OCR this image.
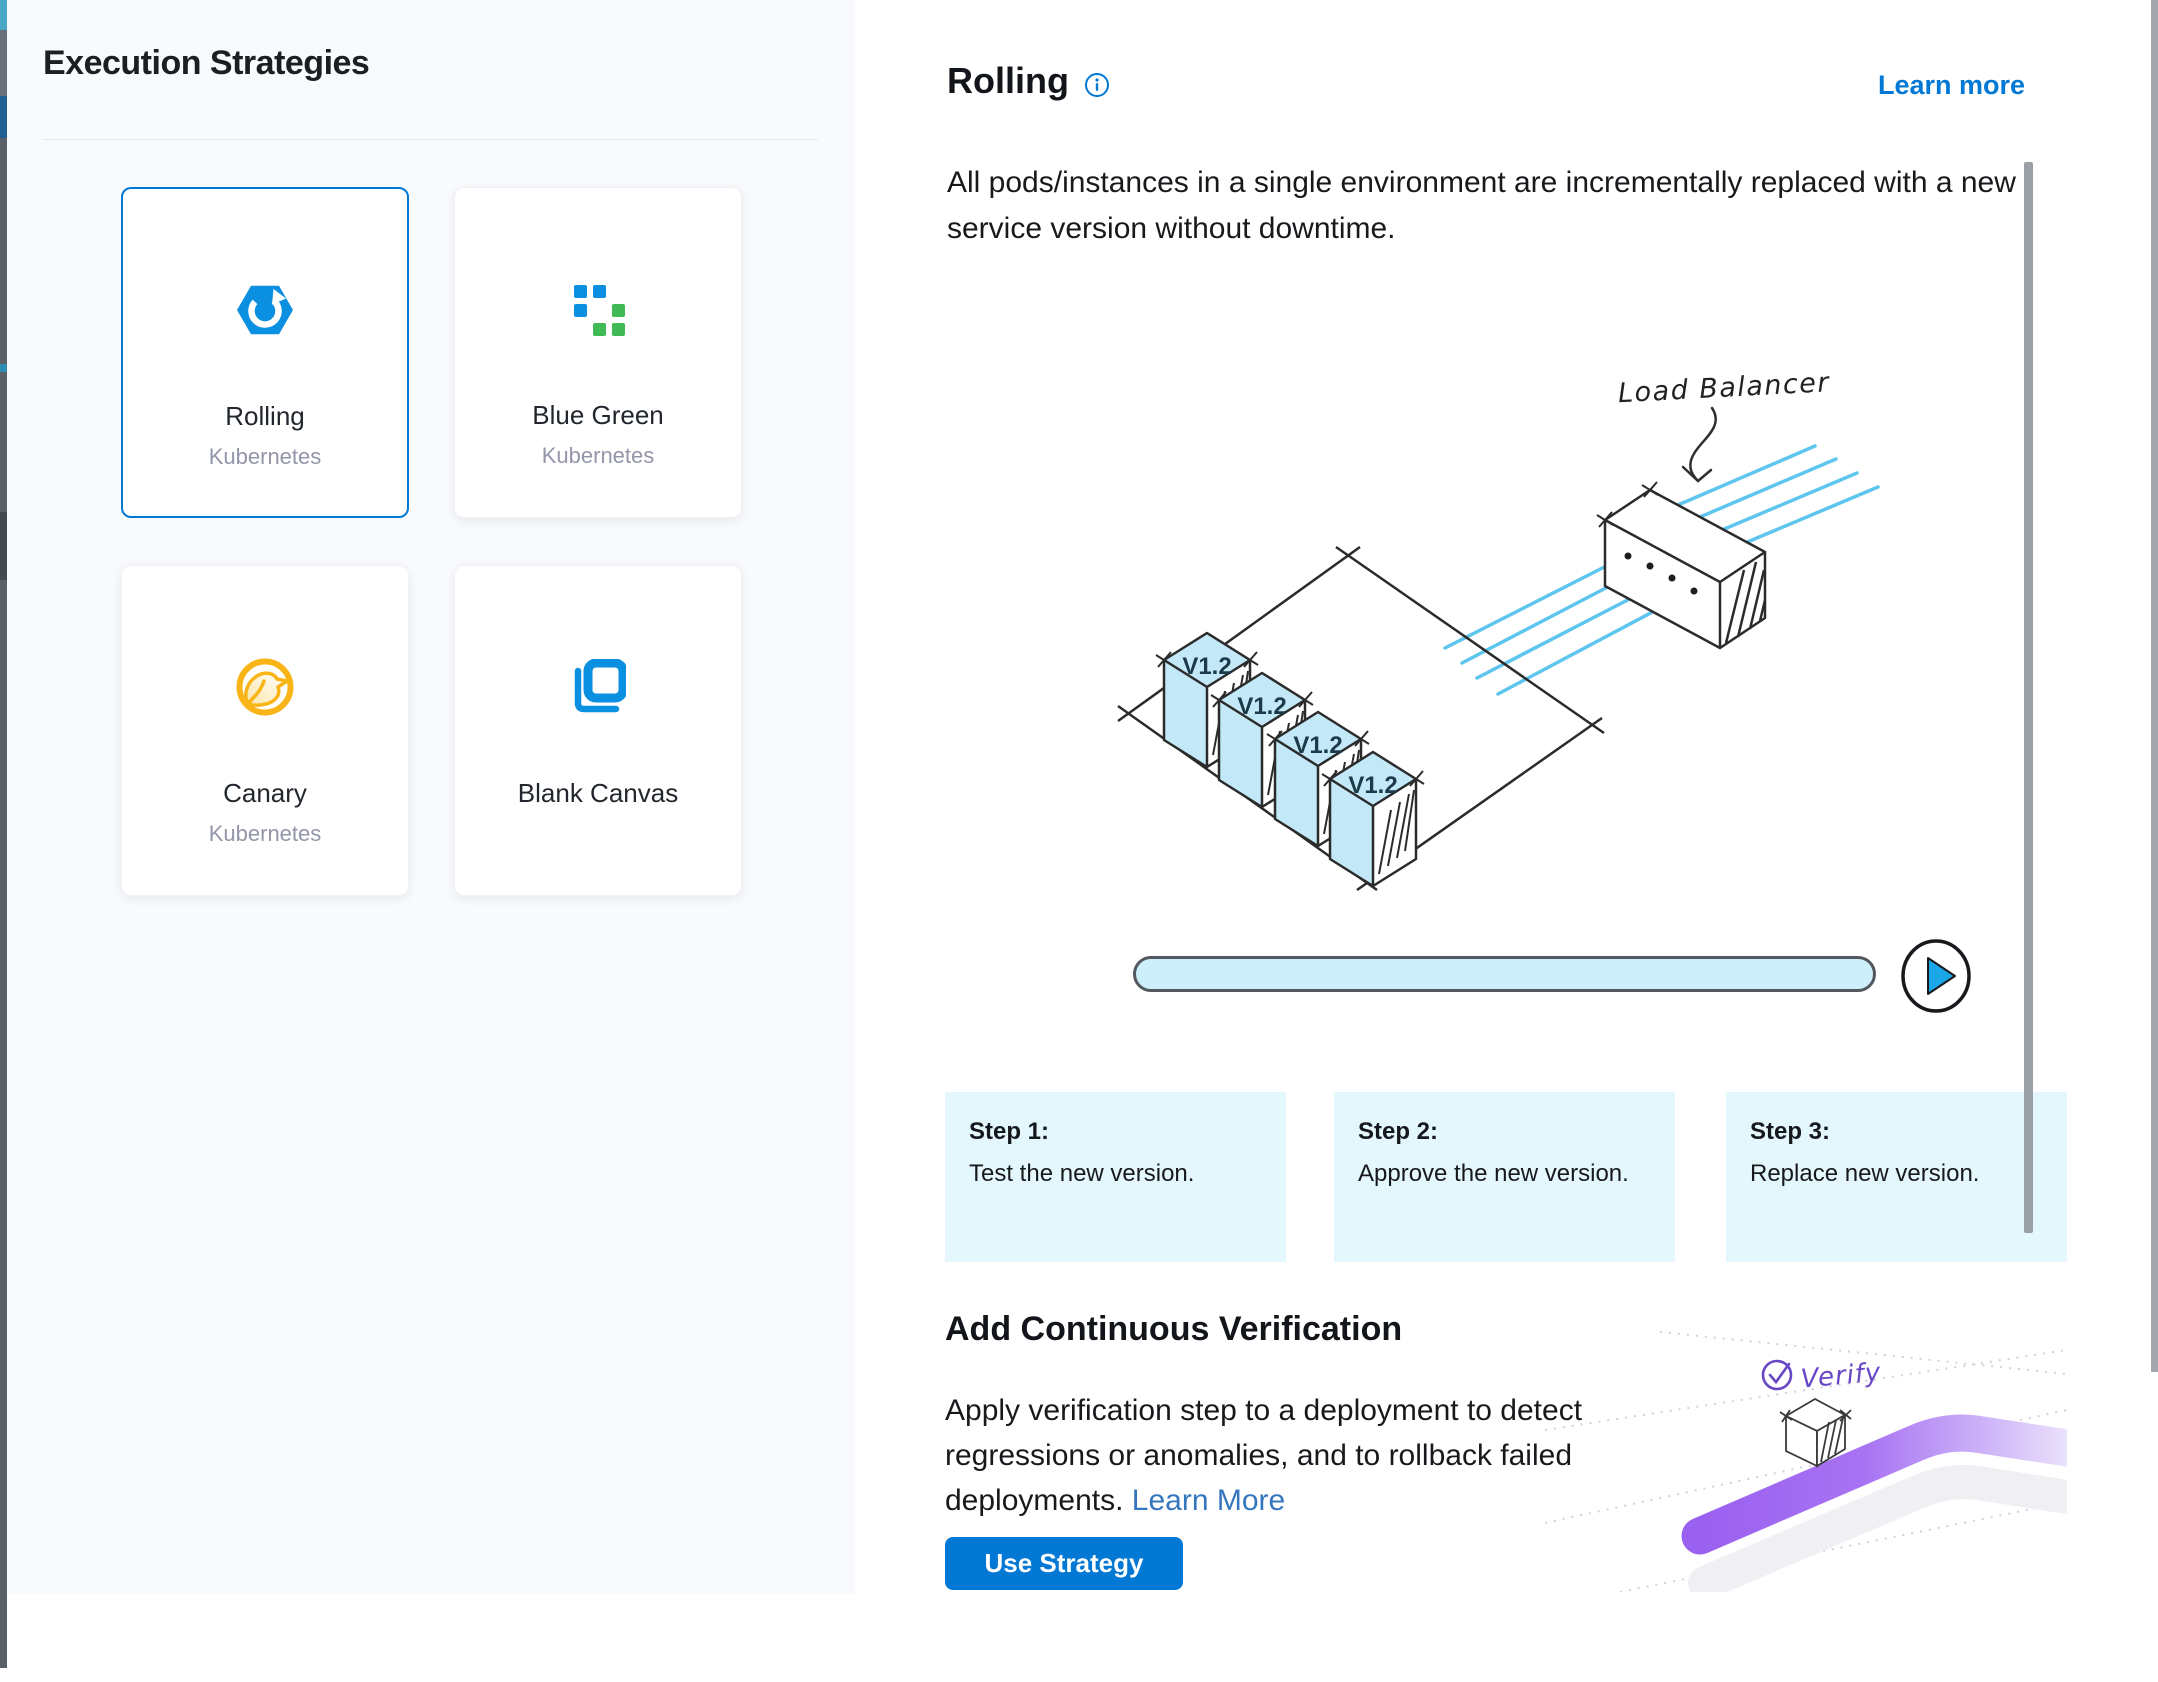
Execution Strategies
Rolling
Kubernetes
Blue Green
Kubernetes
Canary
Kubernetes
Blank Canvas
Rolling	Learn more
All pods/instances in a single environment are incrementally replaced with a new service version without downtime.
Load Balancer
V1.2
V1.2
V1.2
V1.2
Step 1:
Test the new version.
Step 2:
Approve the new version.
Step 3:
Replace new version.
Add Continuous Verification
Apply verification step to a deployment to detect regressions or anomalies, and to rollback failed deployments. Learn More
Use Strategy
Verify
